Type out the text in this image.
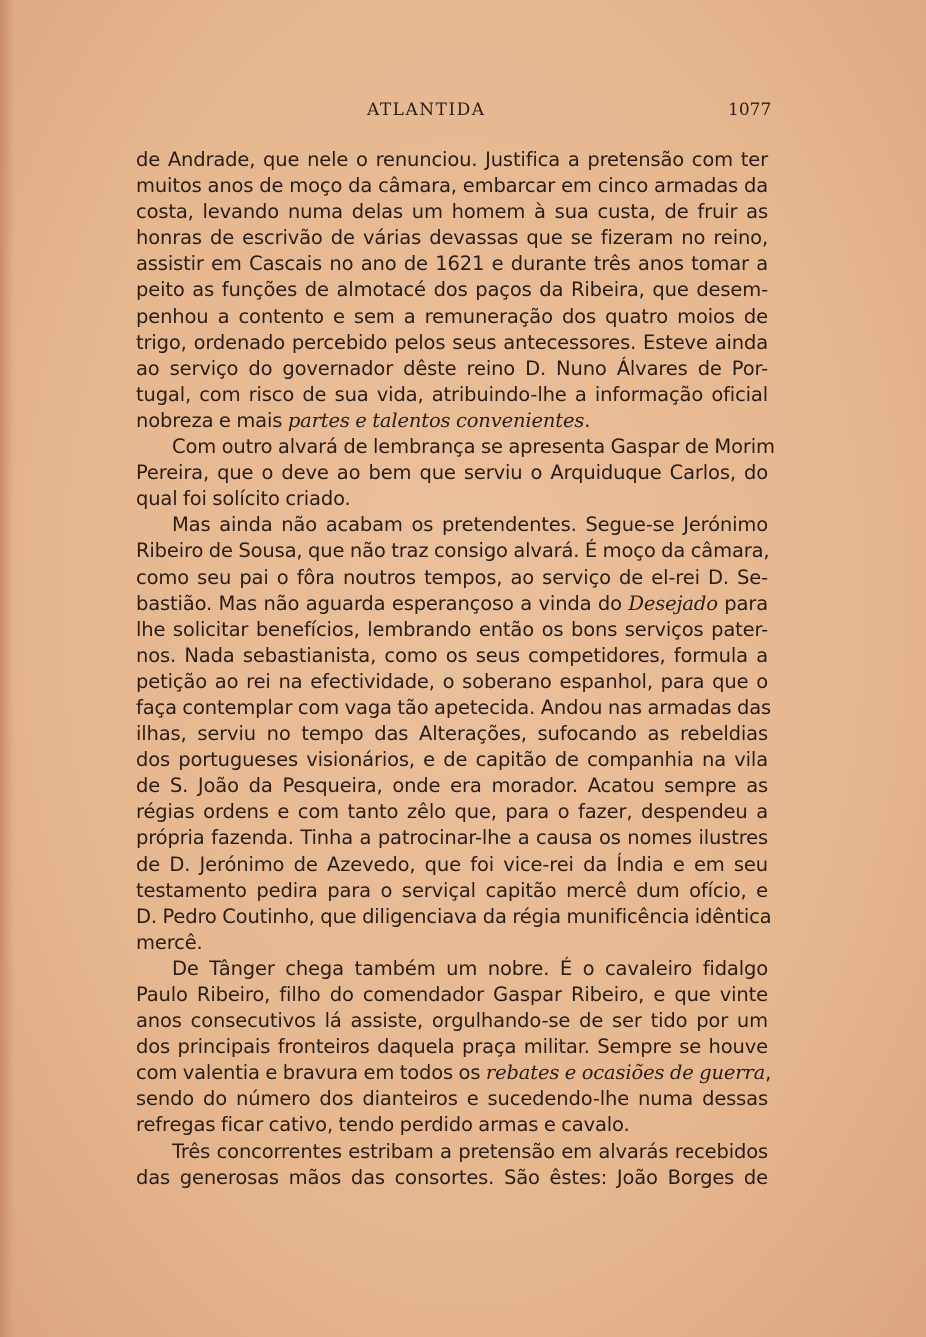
ATLANTIDA	1077
de Andrade, que nele o renunciou. Justifica a pretensão com ter
muitos anos de moço da câmara, embarcar em cinco armadas da
costa, levando numa delas um homem à sua custa, de fruir as
honras de escrivão de várias devassas que se fizeram no reino,
assistir em Cascais no ano de 1621 e durante três anos tomar a
peito as funções de almotacé dos paços da Ribeira, que desem-
penhou a contento e sem a remuneração dos quatro moios de
trigo, ordenado percebido pelos seus antecessores. Esteve ainda
ao serviço do governador dêste reino D. Nuno Álvares de Por-
tugal, com risco de sua vida, atribuindo-lhe a informação oficial
nobreza e mais partes e talentos convenientes.
Com outro alvará de lembrança se apresenta Gaspar de Morim
Pereira, que o deve ao bem que serviu o Arquiduque Carlos, do
qual foi solícito criado.
Mas ainda não acabam os pretendentes. Segue-se Jerónimo
Ribeiro de Sousa, que não traz consigo alvará. É moço da câmara,
como seu pai o fôra noutros tempos, ao serviço de el-rei D. Se-
bastião. Mas não aguarda esperançoso a vinda do Desejado para
lhe solicitar benefícios, lembrando então os bons serviços pater-
nos. Nada sebastianista, como os seus competidores, formula a
petição ao rei na efectividade, o soberano espanhol, para que o
faça contemplar com vaga tão apetecida. Andou nas armadas das
ilhas, serviu no tempo das Alterações, sufocando as rebeldias
dos portugueses visionários, e de capitão de companhia na vila
de S. João da Pesqueira, onde era morador. Acatou sempre as
régias ordens e com tanto zêlo que, para o fazer, despendeu a
própria fazenda. Tinha a patrocinar-lhe a causa os nomes ilustres
de D. Jerónimo de Azevedo, que foi vice-rei da Índia e em seu
testamento pedira para o serviçal capitão mercê dum ofício, e
D. Pedro Coutinho, que diligenciava da régia munificência idêntica
mercê.
De Tânger chega também um nobre. É o cavaleiro fidalgo
Paulo Ribeiro, filho do comendador Gaspar Ribeiro, e que vinte
anos consecutivos lá assiste, orgulhando-se de ser tido por um
dos principais fronteiros daquela praça militar. Sempre se houve
com valentia e bravura em todos os rebates e ocasiões de guerra,
sendo do número dos dianteiros e sucedendo-lhe numa dessas
refregas ficar cativo, tendo perdido armas e cavalo.
Três concorrentes estribam a pretensão em alvarás recebidos
das generosas mãos das consortes. São êstes: João Borges de
